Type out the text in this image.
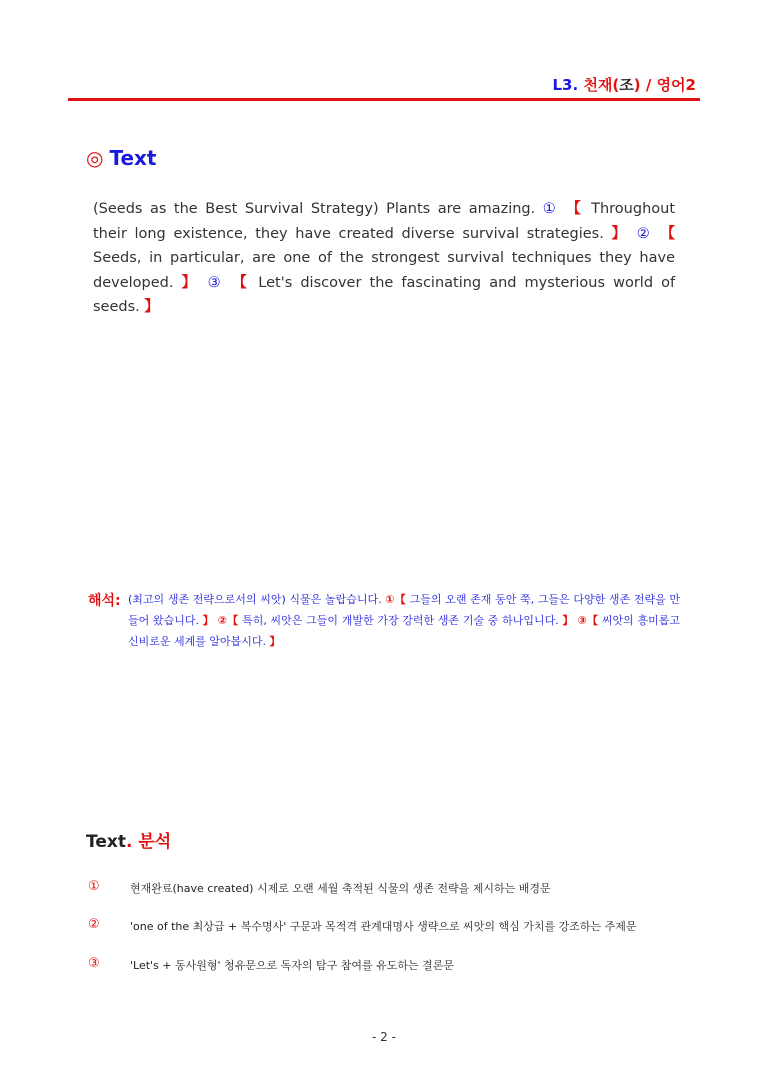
L3. 천재(조) / 영어2
◎ Text
(Seeds as the Best Survival Strategy) Plants are amazing. ① 【 Throughout their long existence, they have created diverse survival strategies. 】 ② 【 Seeds, in particular, are one of the strongest survival techniques they have developed. 】 ③ 【 Let's discover the fascinating and mysterious world of seeds. 】
해석: (최고의 생존 전략으로서의 씨앗) 식물은 놀랍습니다. ①【 그들의 오랜 존재 동안 쭉, 그들은 다양한 생존 전략을 만들어 왔습니다. 】 ②【 특히, 씨앗은 그들이 개발한 가장 강력한 생존 기술 중 하나입니다. 】 ③【 씨앗의 흥미롭고 신비로운 세계를 알아봅시다. 】
Text. 분석
①	현재완료(have created) 시제로 오랜 세월 축적된 식물의 생존 전략을 제시하는 배경문
②	'one of the 최상급 + 복수명사' 구문과 목적격 관계대명사 생략으로 씨앗의 핵심 가치를 강조하는 주제문
③	'Let's + 동사원형' 청유문으로 독자의 탐구 참여를 유도하는 결론문
- 2 -
